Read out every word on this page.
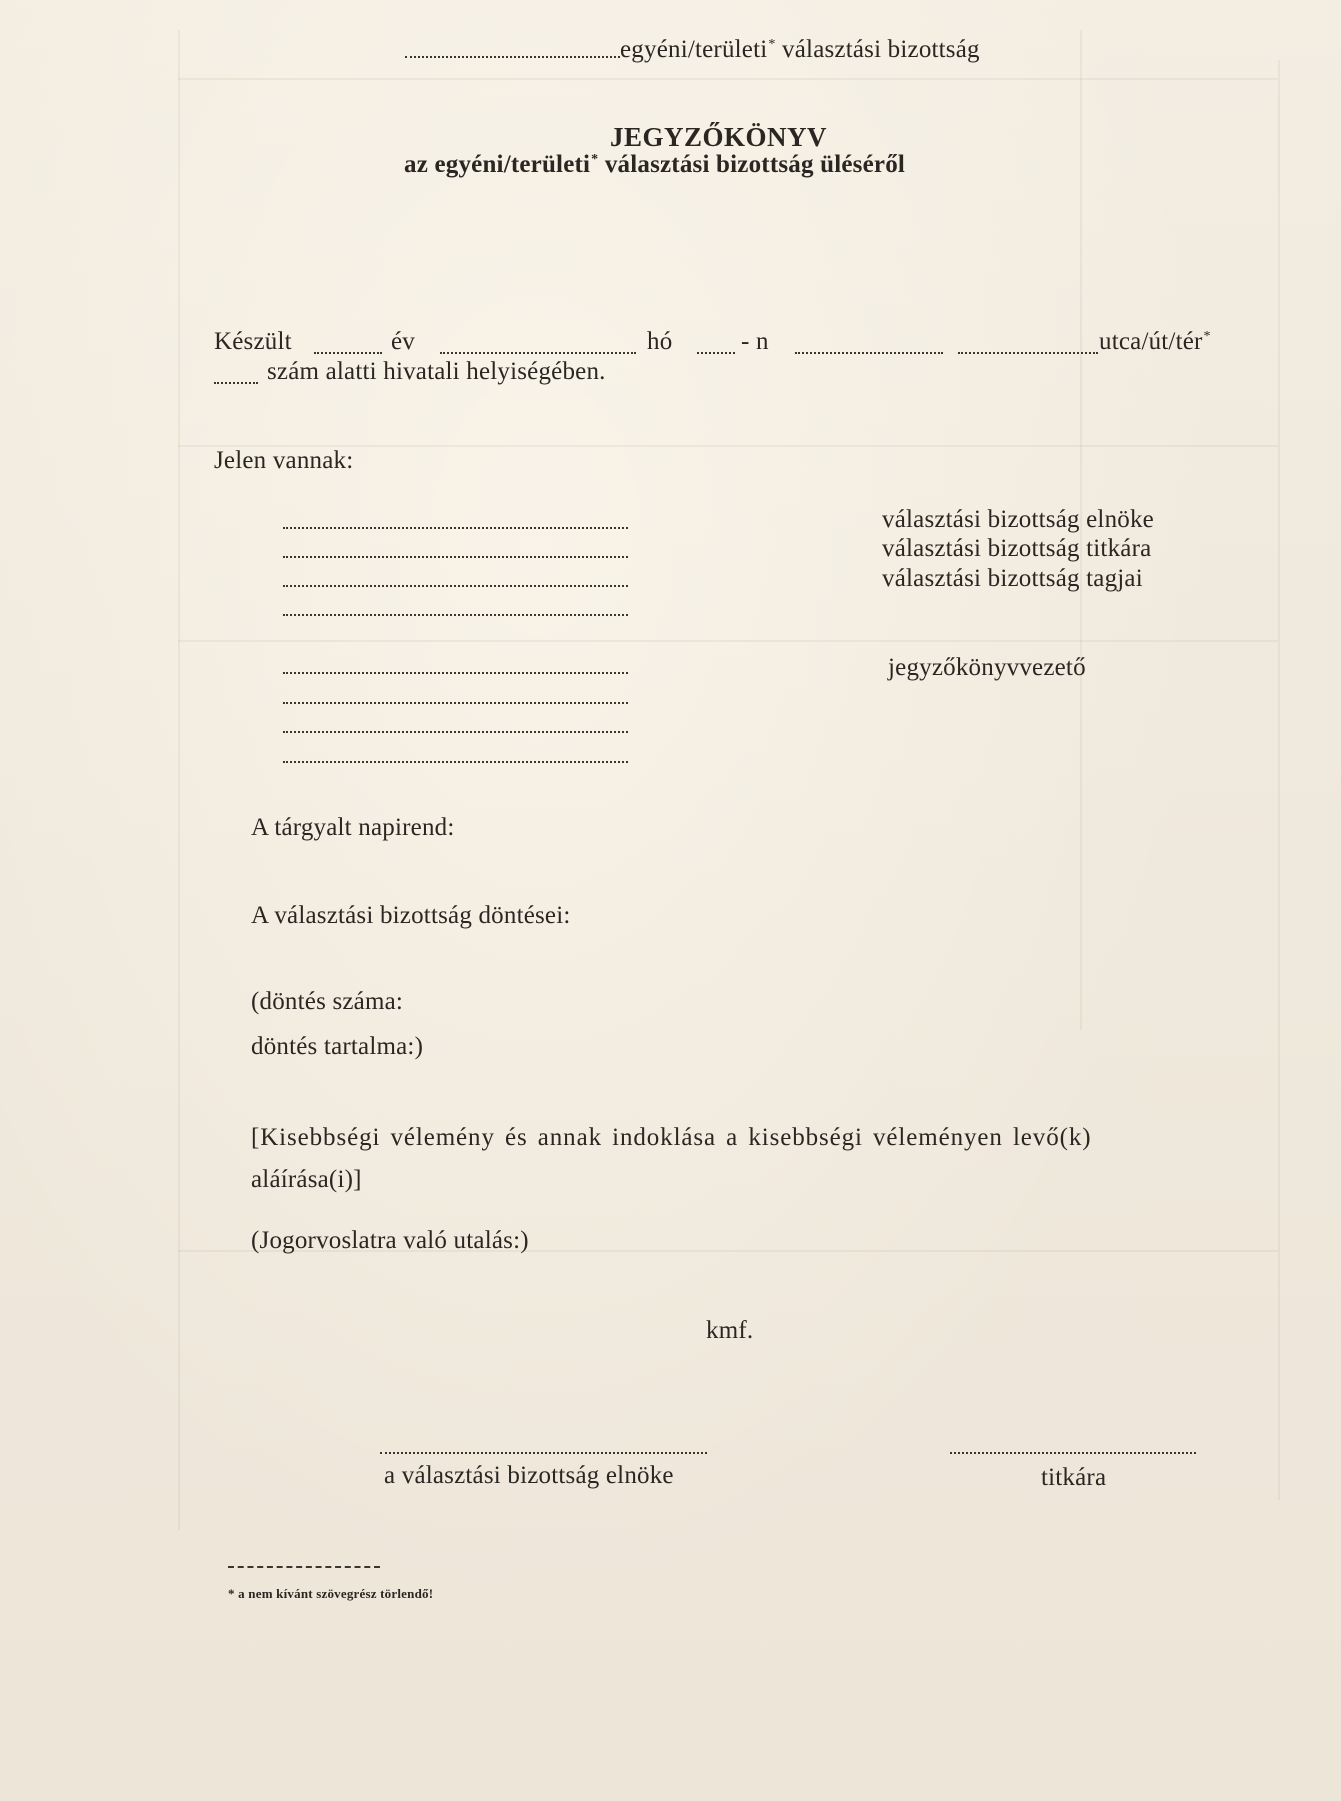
egyéni/területi* választási bizottság
JEGYZŐKÖNYV
az egyéni/területi* választási bizottság üléséről
Készült	év	hó	- n	utca/út/tér*
szám alatti hivatali helyiségében.
Jelen vannak:
választási bizottság elnöke
választási bizottság titkára
választási bizottság tagjai
jegyzőkönyvvezető
A tárgyalt napirend:
A választási bizottság döntései:
(döntés száma:
döntés tartalma:)
[Kisebbségi vélemény és annak indoklása a kisebbségi véleményen levő(k)
aláírása(i)]
(Jogorvoslatra való utalás:)
kmf.
a választási bizottság elnöke	titkára
* a nem kívánt szövegrész törlendő!
